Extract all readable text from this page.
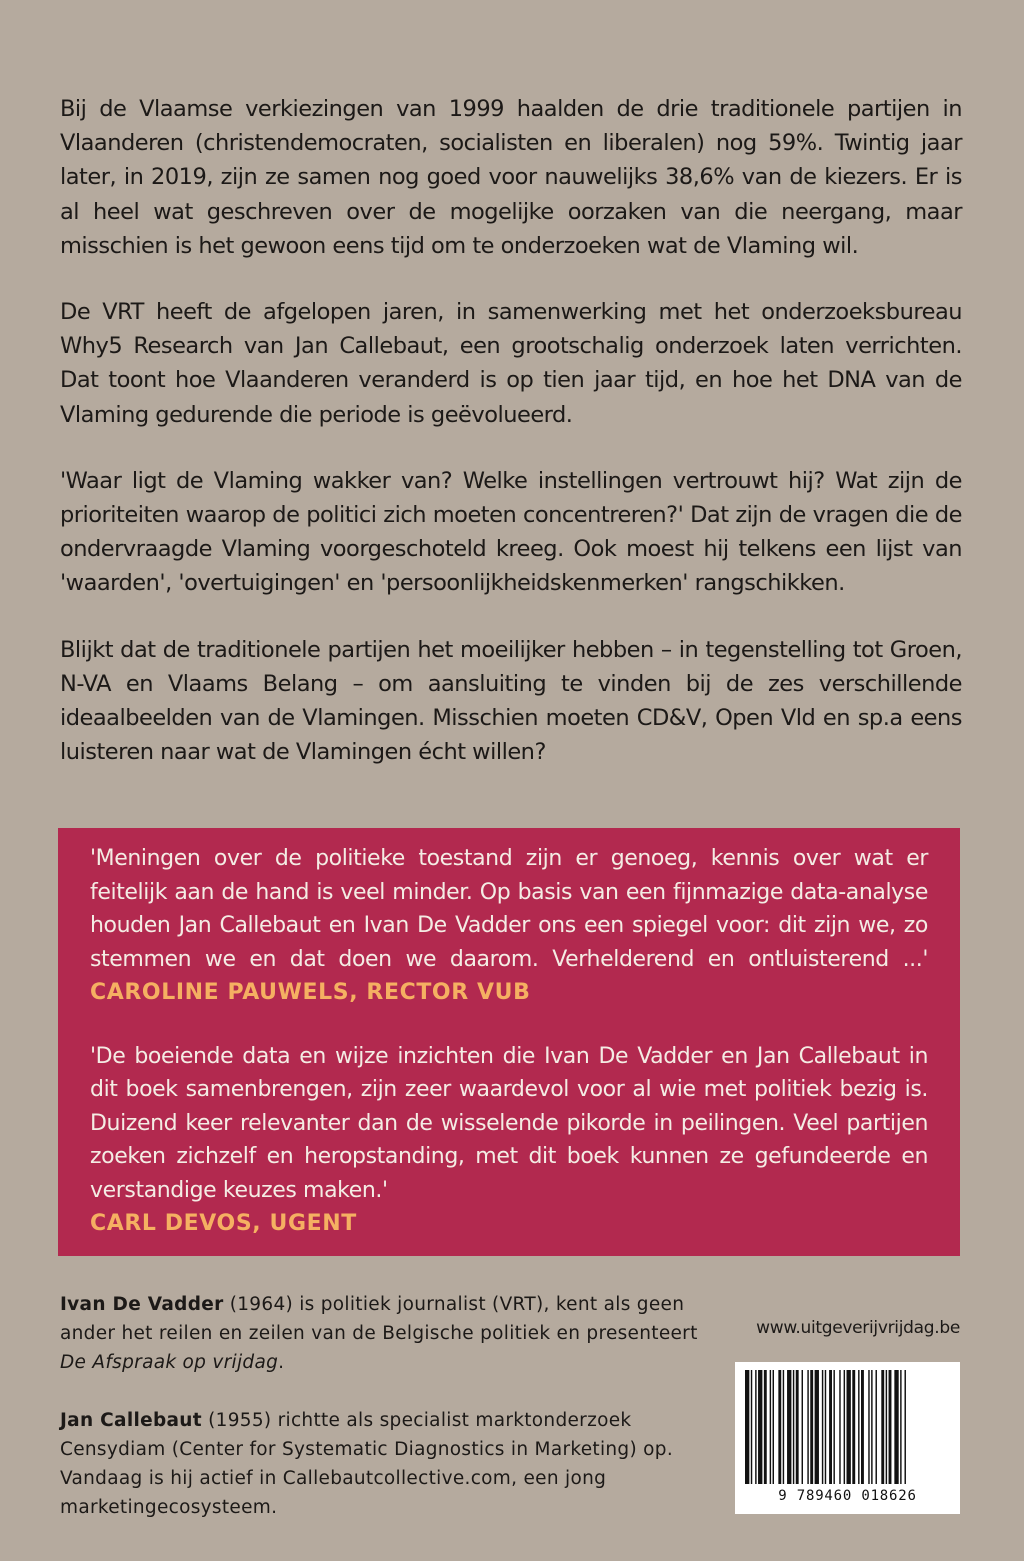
Bij de Vlaamse verkiezingen van 1999 haalden de drie traditionele partijen in Vlaanderen (christendemocraten, socialisten en liberalen) nog 59%. Twintig jaar later, in 2019, zijn ze samen nog goed voor nauwelijks 38,6% van de kiezers. Er is al heel wat geschreven over de mogelijke oorzaken van die neergang, maar misschien is het gewoon eens tijd om te onderzoeken wat de Vlaming wil.

De VRT heeft de afgelopen jaren, in samenwerking met het onderzoeksbureau Why5 Research van Jan Callebaut, een grootschalig onderzoek laten verrichten. Dat toont hoe Vlaanderen veranderd is op tien jaar tijd, en hoe het DNA van de Vlaming gedurende die periode is geëvolueerd.

'Waar ligt de Vlaming wakker van? Welke instellingen vertrouwt hij? Wat zijn de prioriteiten waarop de politici zich moeten concentreren?' Dat zijn de vragen die de ondervraagde Vlaming voorgeschoteld kreeg. Ook moest hij telkens een lijst van 'waarden', 'overtuigingen' en 'persoonlijkheidskenmerken' rangschikken.

Blijkt dat de traditionele partijen het moeilijker hebben – in tegenstelling tot Groen, N-VA en Vlaams Belang – om aansluiting te vinden bij de zes verschillende ideaalbeelden van de Vlamingen. Misschien moeten CD&V, Open Vld en sp.a eens luisteren naar wat de Vlamingen écht willen?

'Meningen over de politieke toestand zijn er genoeg, kennis over wat er feitelijk aan de hand is veel minder. Op basis van een fijnmazige data-analyse houden Jan Callebaut en Ivan De Vadder ons een spiegel voor: dit zijn we, zo stemmen we en dat doen we daarom. Verhelderend en ontluisterend ...' CAROLINE PAUWELS, RECTOR VUB

'De boeiende data en wijze inzichten die Ivan De Vadder en Jan Callebaut in dit boek samenbrengen, zijn zeer waardevol voor al wie met politiek bezig is. Duizend keer relevanter dan de wisselende pikorde in peilingen. Veel partijen zoeken zichzelf en heropstanding, met dit boek kunnen ze gefundeerde en verstandige keuzes maken.'
CARL DEVOS, UGENT

Ivan De Vadder (1964) is politiek journalist (VRT), kent als geen ander het reilen en zeilen van de Belgische politiek en presenteert De Afspraak op vrijdag.
Jan Callebaut (1955) richtte als specialist marktonderzoek Censydiam (Center for Systematic Diagnostics in Marketing) op. Vandaag is hij actief in Callebautcollective.com, een jong marketingecosysteem.
www.uitgeverijvrijdag.be
9 789460 018626
